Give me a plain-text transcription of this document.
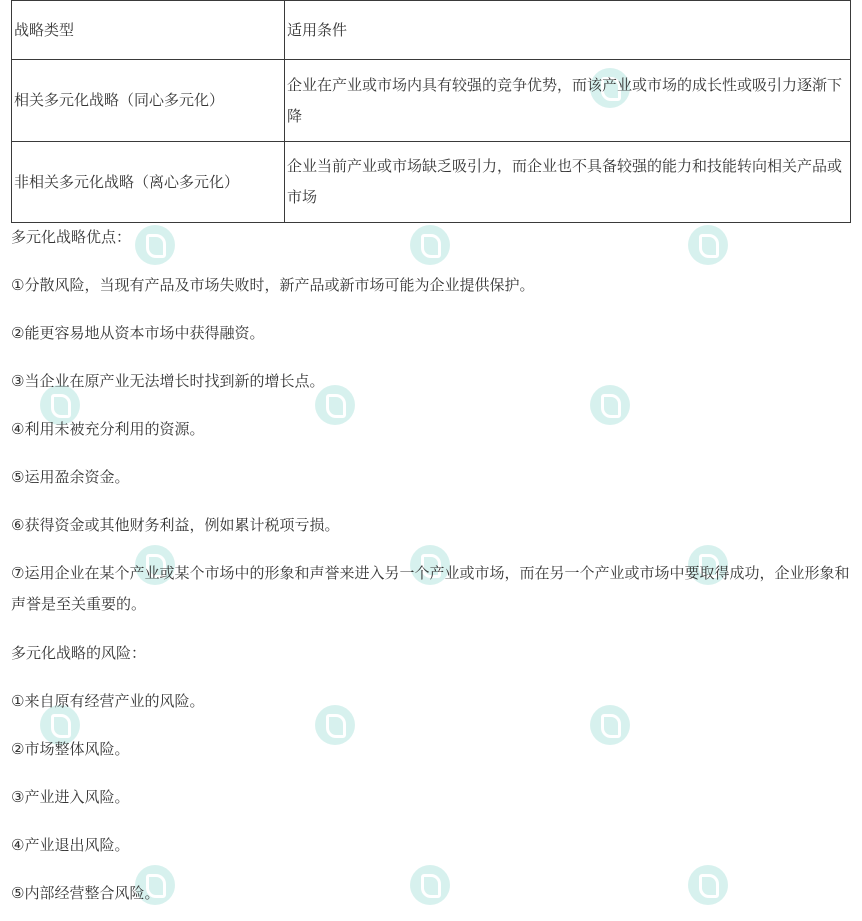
战略类型	适用条件
相关多元化战略（同心多元化）	企业在产业或市场内具有较强的竞争优势，而该产业或市场的成长性或吸引力逐渐下降
非相关多元化战略（离心多元化）	企业当前产业或市场缺乏吸引力，而企业也不具备较强的能力和技能转向相关产品或市场

多元化战略优点：

①分散风险，当现有产品及市场失败时，新产品或新市场可能为企业提供保护。

②能更容易地从资本市场中获得融资。

③当企业在原产业无法增长时找到新的增长点。

④利用未被充分利用的资源。

⑤运用盈余资金。

⑥获得资金或其他财务利益，例如累计税项亏损。

⑦运用企业在某个产业或某个市场中的形象和声誉来进入另一个产业或市场，而在另一个产业或市场中要取得成功，企业形象和声誉是至关重要的。

多元化战略的风险：

①来自原有经营产业的风险。

②市场整体风险。

③产业进入风险。

④产业退出风险。

⑤内部经营整合风险。
